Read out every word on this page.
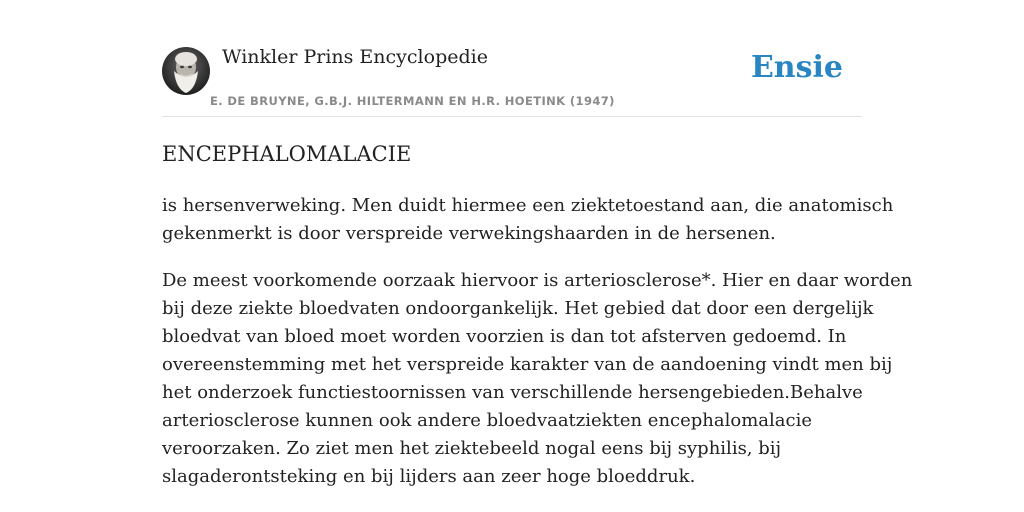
Winkler Prins Encyclopedie
E. DE BRUYNE, G.B.J. HILTERMANN EN H.R. HOETINK (1947)
Ensie
ENCEPHALOMALACIE

is hersenverweking. Men duidt hiermee een ziektetoestand aan, die anatomisch
gekenmerkt is door verspreide verwekingshaarden in de hersenen.

De meest voorkomende oorzaak hiervoor is arteriosclerose*. Hier en daar worden
bij deze ziekte bloedvaten ondoorgankelijk. Het gebied dat door een dergelijk
bloedvat van bloed moet worden voorzien is dan tot afsterven gedoemd. In
overeenstemming met het verspreide karakter van de aandoening vindt men bij
het onderzoek functiestoornissen van verschillende hersengebieden.Behalve
arteriosclerose kunnen ook andere bloedvaatziekten encephalomalacie
veroorzaken. Zo ziet men het ziektebeeld nogal eens bij syphilis, bij
slagaderontsteking en bij lijders aan zeer hoge bloeddruk.
